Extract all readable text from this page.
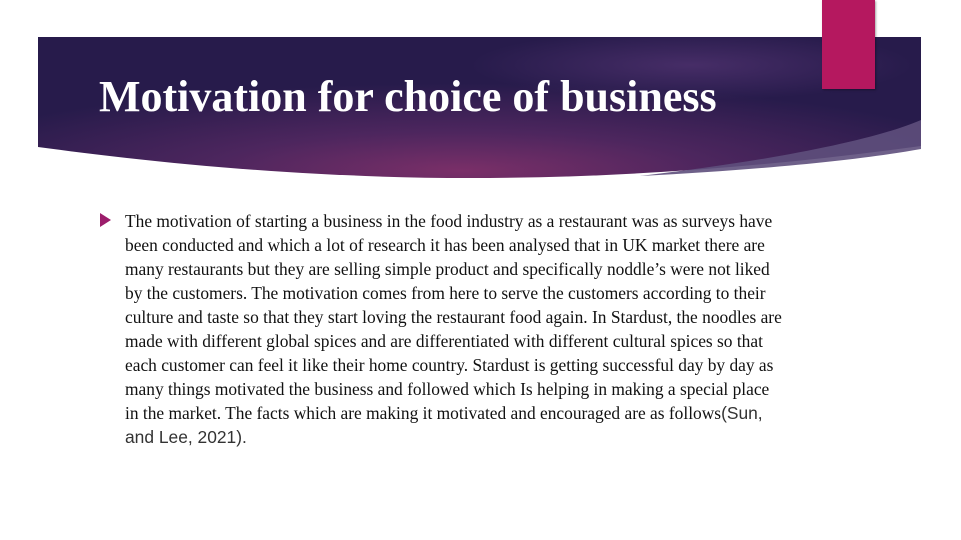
Motivation for choice of business

The motivation of starting a business in the food industry as a restaurant was as surveys have been conducted and which a lot of research it has been analysed that in UK market there are many restaurants but they are selling simple product and specifically noddle’s were not liked by the customers. The motivation comes from here to serve the customers according to their culture and taste so that they start loving the restaurant food again. In Stardust, the noodles are made with different global spices and are differentiated with different cultural spices so that each customer can feel it like their home country. Stardust is getting successful day by day as many things motivated the business and followed which Is helping in making a special place in the market. The facts which are making it motivated and encouraged are as follows(Sun, and Lee, 2021).
